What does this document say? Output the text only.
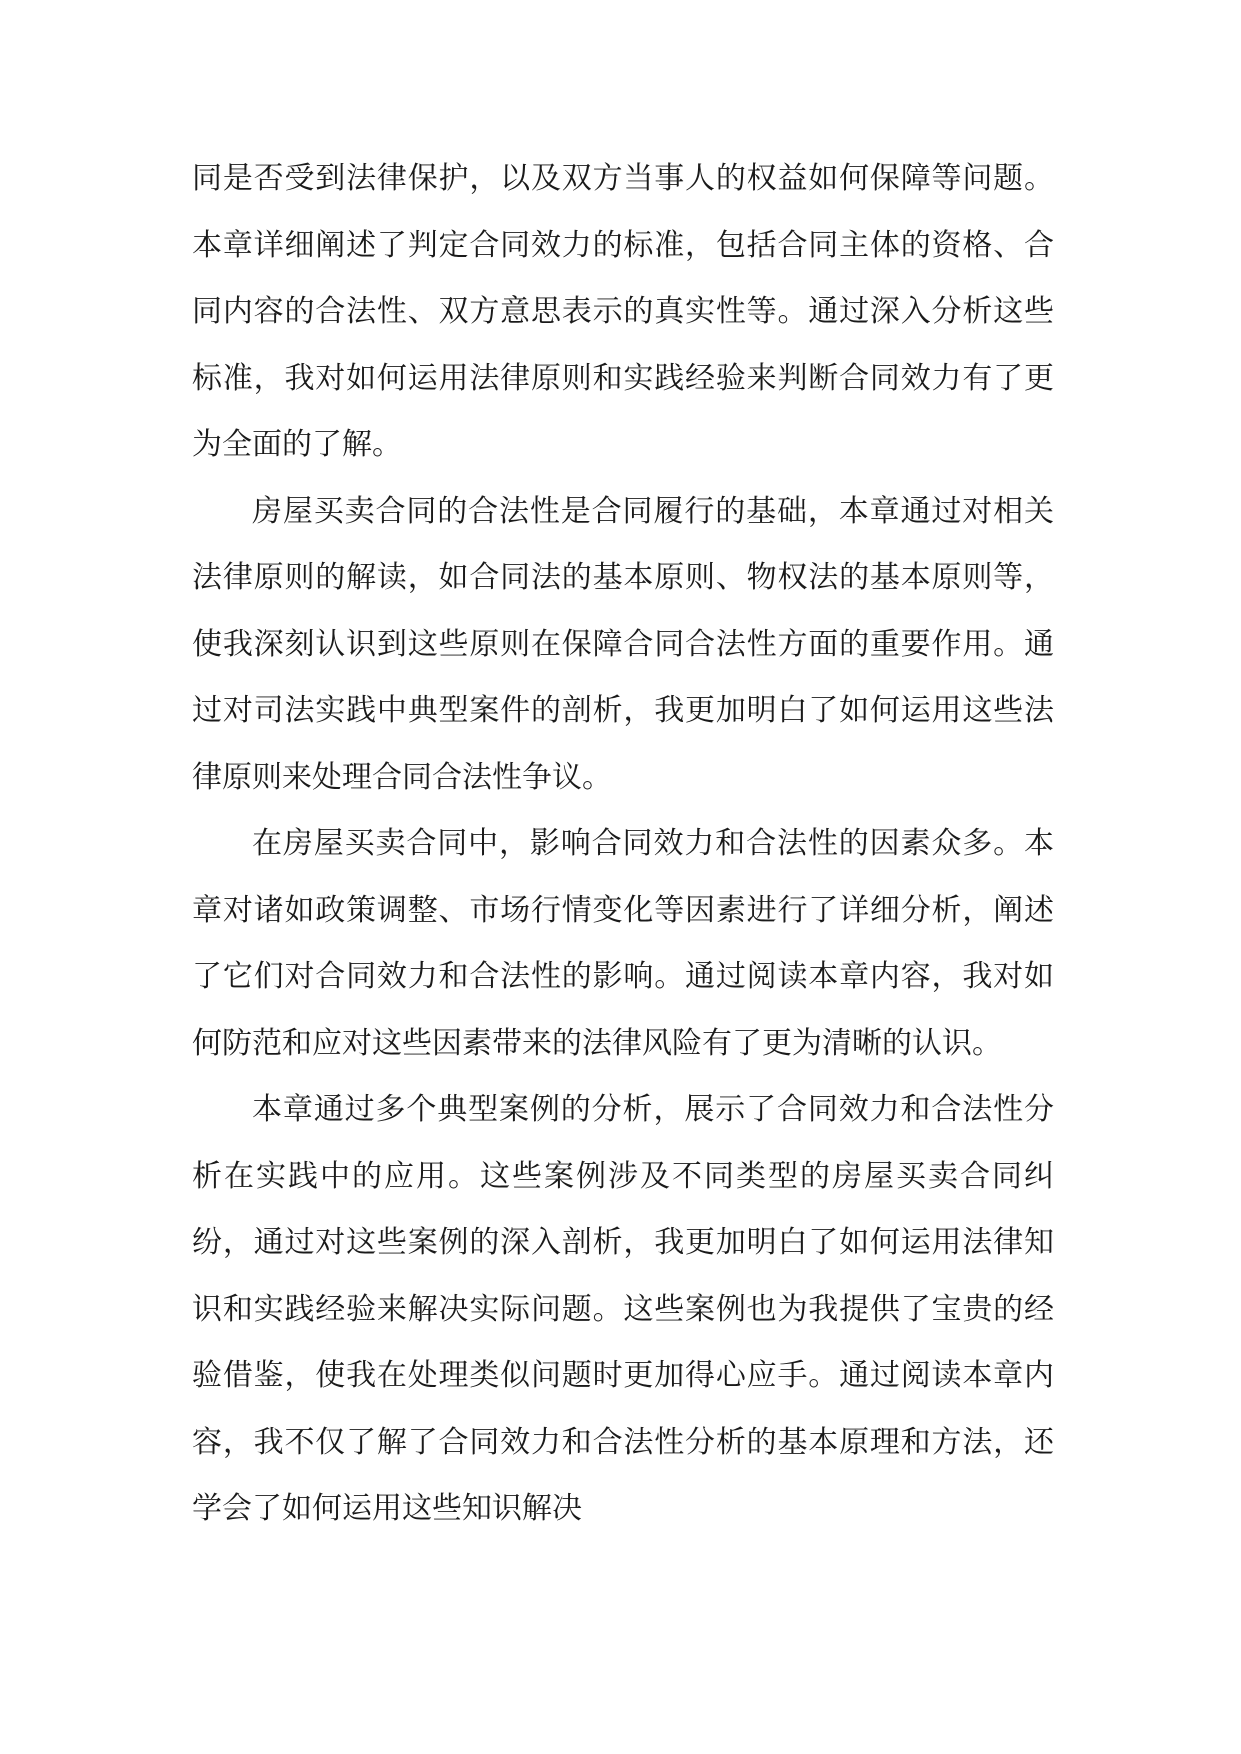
同是否受到法律保护，以及双方当事人的权益如何保障等问题。本章详细阐述了判定合同效力的标准，包括合同主体的资格、合同内容的合法性、双方意思表示的真实性等。通过深入分析这些标准，我对如何运用法律原则和实践经验来判断合同效力有了更为全面的了解。

房屋买卖合同的合法性是合同履行的基础，本章通过对相关法律原则的解读，如合同法的基本原则、物权法的基本原则等，使我深刻认识到这些原则在保障合同合法性方面的重要作用。通过对司法实践中典型案件的剖析，我更加明白了如何运用这些法律原则来处理合同合法性争议。

在房屋买卖合同中，影响合同效力和合法性的因素众多。本章对诸如政策调整、市场行情变化等因素进行了详细分析，阐述了它们对合同效力和合法性的影响。通过阅读本章内容，我对如何防范和应对这些因素带来的法律风险有了更为清晰的认识。

本章通过多个典型案例的分析，展示了合同效力和合法性分析在实践中的应用。这些案例涉及不同类型的房屋买卖合同纠纷，通过对这些案例的深入剖析，我更加明白了如何运用法律知识和实践经验来解决实际问题。这些案例也为我提供了宝贵的经验借鉴，使我在处理类似问题时更加得心应手。通过阅读本章内容，我不仅了解了合同效力和合法性分析的基本原理和方法，还学会了如何运用这些知识解决
